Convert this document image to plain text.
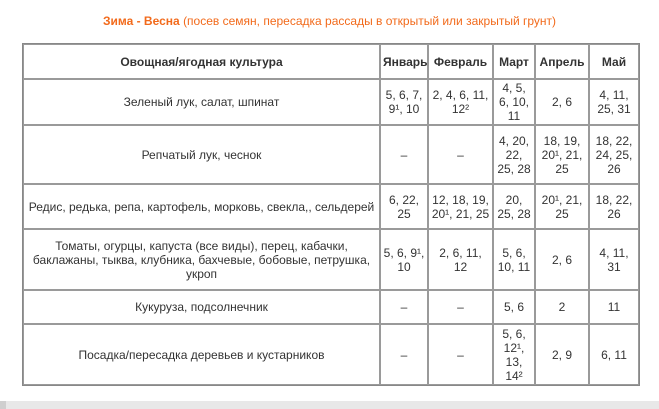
Зима - Весна (посев семян, пересадка рассады в открытый или закрытый грунт)
Овощная/ягодная культура	Январь	Февраль	Март	Апрель	Май
Зеленый лук, салат, шпинат	5, 6, 7, 9¹, 10	2, 4, 6, 11, 12²	4, 5, 6, 10, 11	2, 6	4, 11, 25, 31
Репчатый лук, чеснок	–	–	4, 20, 22, 25, 28	18, 19, 20¹, 21, 25	18, 22, 24, 25, 26
Редис, редька, репа, картофель, морковь, свекла,, сельдерей	6, 22, 25	12, 18, 19, 20¹, 21, 25	20, 25, 28	20¹, 21, 25	18, 22, 26
Томаты, огурцы, капуста (все виды), перец, кабачки, баклажаны, тыква, клубника, бахчевые, бобовые, петрушка, укроп	5, 6, 9¹, 10	2, 6, 11, 12	5, 6, 10, 11	2, 6	4, 11, 31
Кукуруза, подсолнечник	–	–	5, 6	2	11
Посадка/пересадка деревьев и кустарников	–	–	5, 6, 12¹, 13, 14²	2, 9	6, 11
